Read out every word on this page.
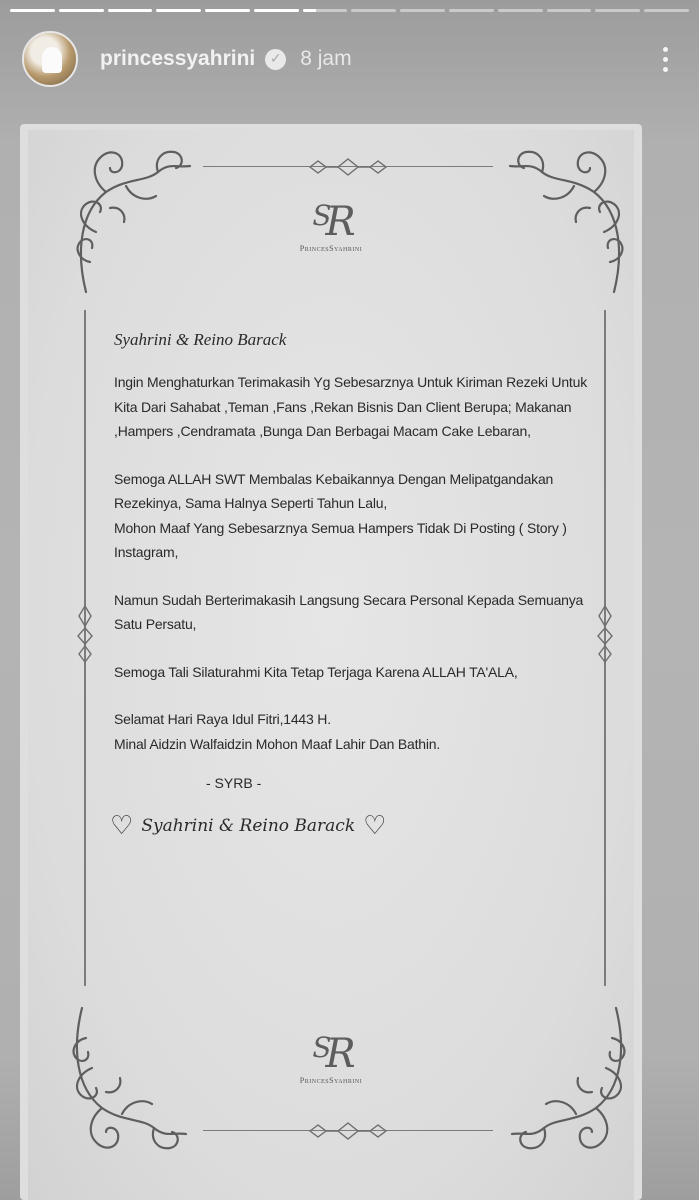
princessyahrini	✓ 8 jam
$^S$R
PrincesSyahrini
$^S$R
PrincesSyahrini
Syahrini & Reino Barack
Ingin Menghaturkan Terimakasih Yg Sebesarznya Untuk Kiriman Rezeki Untuk Kita Dari Sahabat ,Teman ,Fans ,Rekan Bisnis Dan Client Berupa; Makanan ,Hampers ,Cendramata ,Bunga Dan Berbagai Macam Cake Lebaran,
Semoga ALLAH SWT Membalas Kebaikannya Dengan Melipatgandakan Rezekinya, Sama Halnya Seperti Tahun Lalu,
Mohon Maaf Yang Sebesarznya Semua Hampers Tidak Di Posting ( Story ) Instagram,
Namun Sudah Berterimakasih Langsung Secara Personal Kepada Semuanya Satu Persatu,
Semoga Tali Silaturahmi Kita Tetap Terjaga Karena ALLAH TA'ALA,
Selamat Hari Raya Idul Fitri,1443 H.
Minal Aidzin Walfaidzin Mohon Maaf Lahir Dan Bathin.
- SYRB -
♡ Syahrini & Reino Barack ♡
